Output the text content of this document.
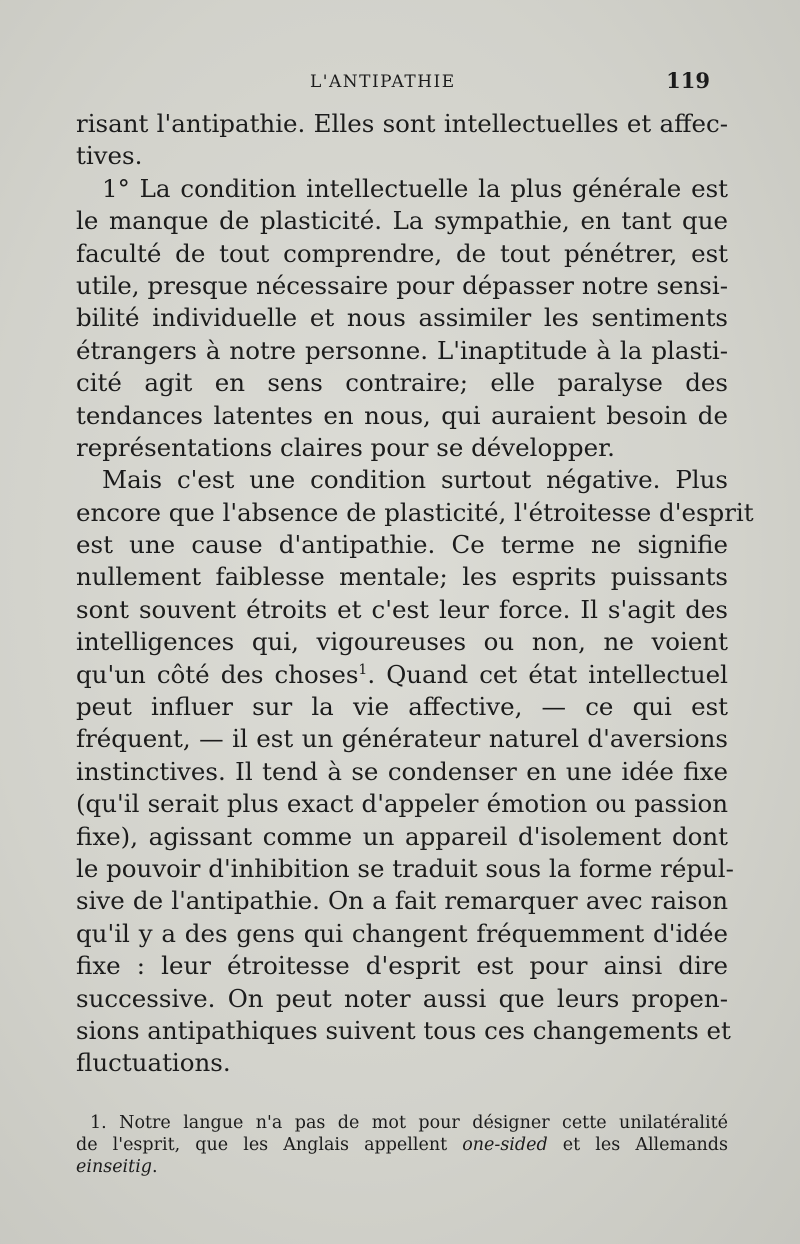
L'ANTIPATHIE	119
risant l'antipathie. Elles sont intellectuelles et affec-
tives.
1° La condition intellectuelle la plus générale est
le manque de plasticité. La sympathie, en tant que
faculté de tout comprendre, de tout pénétrer, est
utile, presque nécessaire pour dépasser notre sensi-
bilité individuelle et nous assimiler les sentiments
étrangers à notre personne. L'inaptitude à la plasti-
cité agit en sens contraire; elle paralyse des
tendances latentes en nous, qui auraient besoin de
représentations claires pour se développer.
Mais c'est une condition surtout négative. Plus
encore que l'absence de plasticité, l'étroitesse d'esprit
est une cause d'antipathie. Ce terme ne signifie
nullement faiblesse mentale; les esprits puissants
sont souvent étroits et c'est leur force. Il s'agit des
intelligences qui, vigoureuses ou non, ne voient
qu'un côté des choses$^1$. Quand cet état intellectuel
peut influer sur la vie affective, — ce qui est
fréquent, — il est un générateur naturel d'aversions
instinctives. Il tend à se condenser en une idée fixe
(qu'il serait plus exact d'appeler émotion ou passion
fixe), agissant comme un appareil d'isolement dont
le pouvoir d'inhibition se traduit sous la forme répul-
sive de l'antipathie. On a fait remarquer avec raison
qu'il y a des gens qui changent fréquemment d'idée
fixe : leur étroitesse d'esprit est pour ainsi dire
successive. On peut noter aussi que leurs propen-
sions antipathiques suivent tous ces changements et
fluctuations.
1. Notre langue n'a pas de mot pour désigner cette unilatéralité
de l'esprit, que les Anglais appellent one-sided et les Allemands
einseitig.
